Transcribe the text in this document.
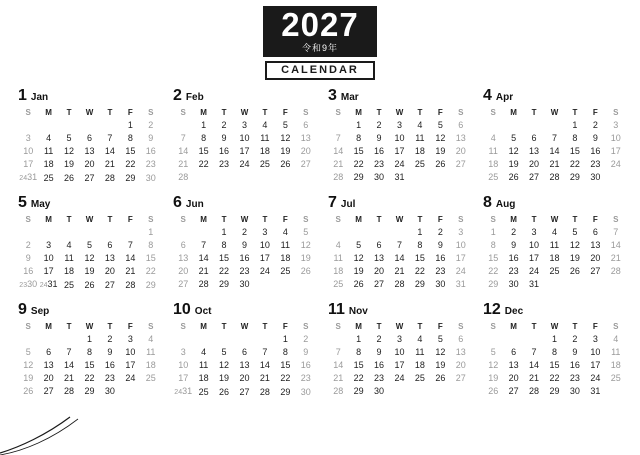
2027
令和9年
CALENDAR
1 Jan
S	M	T	W	T	F	S
					1	2
3	4	5	6	7	8	9
10	11	12	13	14	15	16
17	18	19	20	21	22	23
2431	25	26	27	28	29	30
2 Feb
S	M	T	W	T	F	S
	1	2	3	4	5	6
7	8	9	10	11	12	13
14	15	16	17	18	19	20
21	22	23	24	25	26	27
28						
3 Mar
S	M	T	W	T	F	S
	1	2	3	4	5	6
7	8	9	10	11	12	13
14	15	16	17	18	19	20
21	22	23	24	25	26	27
28	29	30	31			
4 Apr
S	M	T	W	T	F	S
				1	2	3
4	5	6	7	8	9	10
11	12	13	14	15	16	17
18	19	20	21	22	23	24
25	26	27	28	29	30	
5 May
S	M	T	W	T	F	S
						1
2	3	4	5	6	7	8
9	10	11	12	13	14	15
16	17	18	19	20	21	22
2330	2431	25	26	27	28	29
6 Jun
S	M	T	W	T	F	S
		1	2	3	4	5
6	7	8	9	10	11	12
13	14	15	16	17	18	19
20	21	22	23	24	25	26
27	28	29	30			
7 Jul
S	M	T	W	T	F	S
				1	2	3
4	5	6	7	8	9	10
11	12	13	14	15	16	17
18	19	20	21	22	23	24
25	26	27	28	29	30	31
8 Aug
S	M	T	W	T	F	S
1	2	3	4	5	6	7
8	9	10	11	12	13	14
15	16	17	18	19	20	21
22	23	24	25	26	27	28
29	30	31				
9 Sep
S	M	T	W	T	F	S
			1	2	3	4
5	6	7	8	9	10	11
12	13	14	15	16	17	18
19	20	21	22	23	24	25
26	27	28	29	30		
10 Oct
S	M	T	W	T	F	S
					1	2
3	4	5	6	7	8	9
10	11	12	13	14	15	16
17	18	19	20	21	22	23
2431	25	26	27	28	29	30
11 Nov
S	M	T	W	T	F	S
	1	2	3	4	5	6
7	8	9	10	11	12	13
14	15	16	17	18	19	20
21	22	23	24	25	26	27
28	29	30				
12 Dec
S	M	T	W	T	F	S
			1	2	3	4
5	6	7	8	9	10	11
12	13	14	15	16	17	18
19	20	21	22	23	24	25
26	27	28	29	30	31	
